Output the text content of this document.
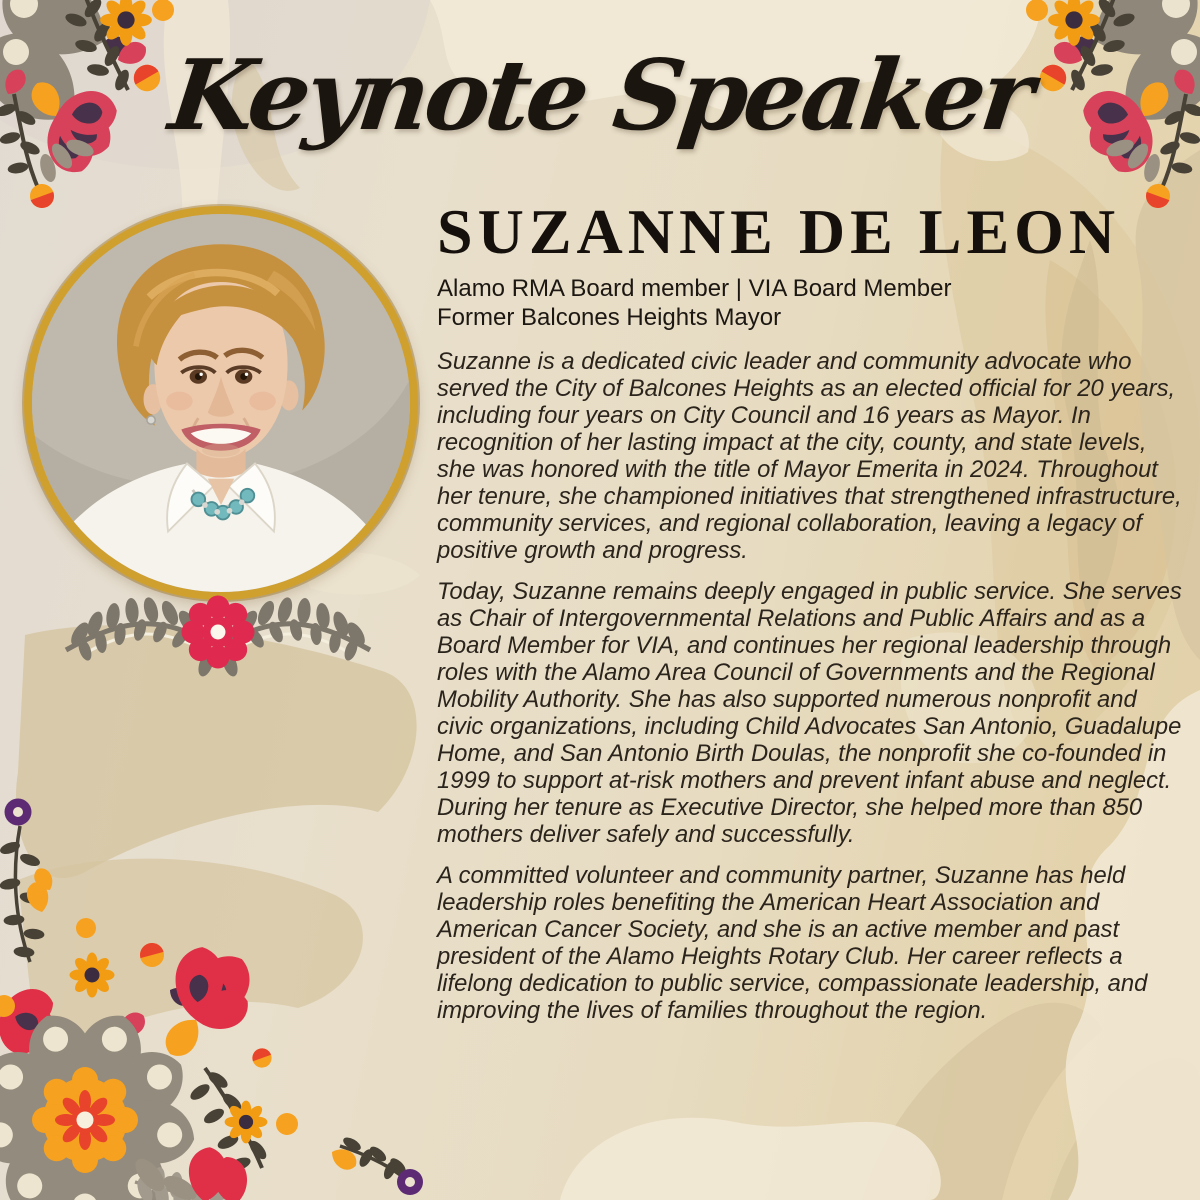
Keynote Speaker
SUZANNE DE LEON
Alamo RMA Board member | VIA Board Member
Former Balcones Heights Mayor

Suzanne is a dedicated civic leader and community advocate who served the City of Balcones Heights as an elected official for 20 years, including four years on City Council and 16 years as Mayor. In recognition of her lasting impact at the city, county, and state levels, she was honored with the title of Mayor Emerita in 2024. Throughout her tenure, she championed initiatives that strengthened infrastructure, community services, and regional collaboration, leaving a legacy of positive growth and progress.

Today, Suzanne remains deeply engaged in public service. She serves as Chair of Intergovernmental Relations and Public Affairs and as a Board Member for VIA, and continues her regional leadership through roles with the Alamo Area Council of Governments and the Regional Mobility Authority. She has also supported numerous nonprofit and civic organizations, including Child Advocates San Antonio, Guadalupe Home, and San Antonio Birth Doulas, the nonprofit she co-founded in 1999 to support at-risk mothers and prevent infant abuse and neglect. During her tenure as Executive Director, she helped more than 850 mothers deliver safely and successfully.

A committed volunteer and community partner, Suzanne has held leadership roles benefiting the American Heart Association and American Cancer Society, and she is an active member and past president of the Alamo Heights Rotary Club. Her career reflects a lifelong dedication to public service, compassionate leadership, and improving the lives of families throughout the region.
